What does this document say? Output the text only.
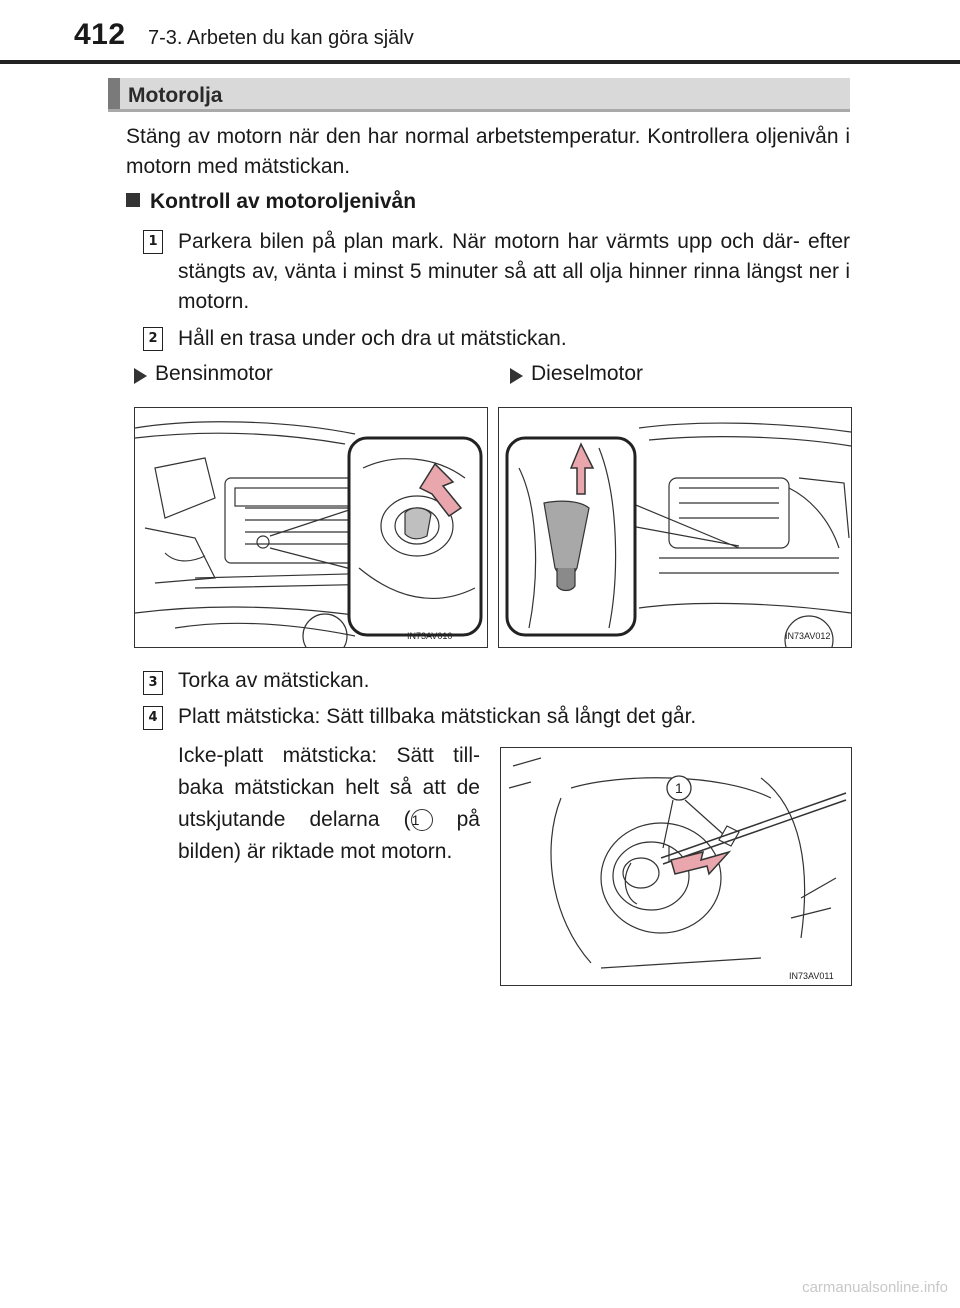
412 7-3. Arbeten du kan göra själv
Motorolja
Stäng av motorn när den har normal arbetstemperatur. Kontrollera oljenivån i motorn med mätstickan.
Kontroll av motoroljenivån
1 Parkera bilen på plan mark. När motorn har värmts upp och där- efter stängts av, vänta i minst 5 minuter så att all olja hinner rinna längst ner i motorn.
2 Håll en trasa under och dra ut mätstickan.
Bensinmotor	Dieselmotor
IN73AV010	IN73AV012
3 Torka av mätstickan.
4 Platt mätsticka: Sätt tillbaka mätstickan så långt det går.
Icke-platt mätsticka: Sätt till- baka mätstickan helt så att de utskjutande delarna (1 på bilden) är riktade mot motorn.
1
IN73AV011
carmanualsonline.info
